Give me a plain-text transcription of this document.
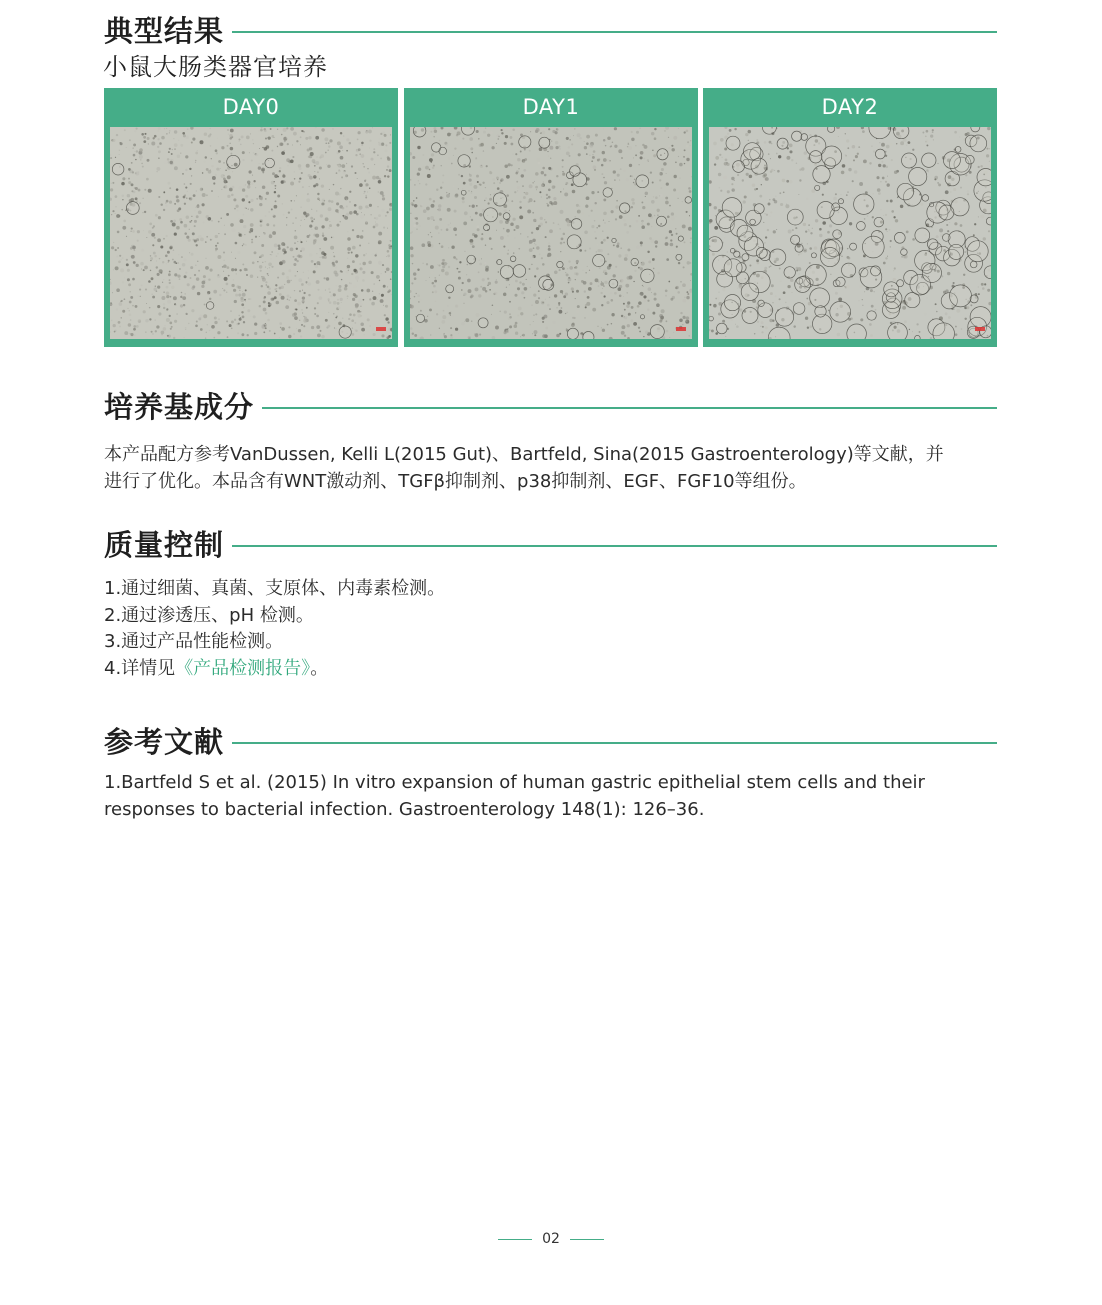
典型结果

小鼠大肠类器官培养

DAY0	DAY1	DAY2
培养基成分
本产品配方参考VanDussen, Kelli L(2015 Gut)、Bartfeld, Sina(2015 Gastroenterology)等文献，并
进行了优化。本品含有WNT激动剂、TGFβ抑制剂、p38抑制剂、EGF、FGF10等组份。
质量控制
1.通过细菌、真菌、支原体、内毒素检测。
2.通过渗透压、pH 检测。
3.通过产品性能检测。
4.详情见《产品检测报告》。
参考文献
1.Bartfeld S et al. (2015) In vitro expansion of human gastric epithelial stem cells and their
responses to bacterial infection. Gastroenterology 148(1): 126–36.
02
